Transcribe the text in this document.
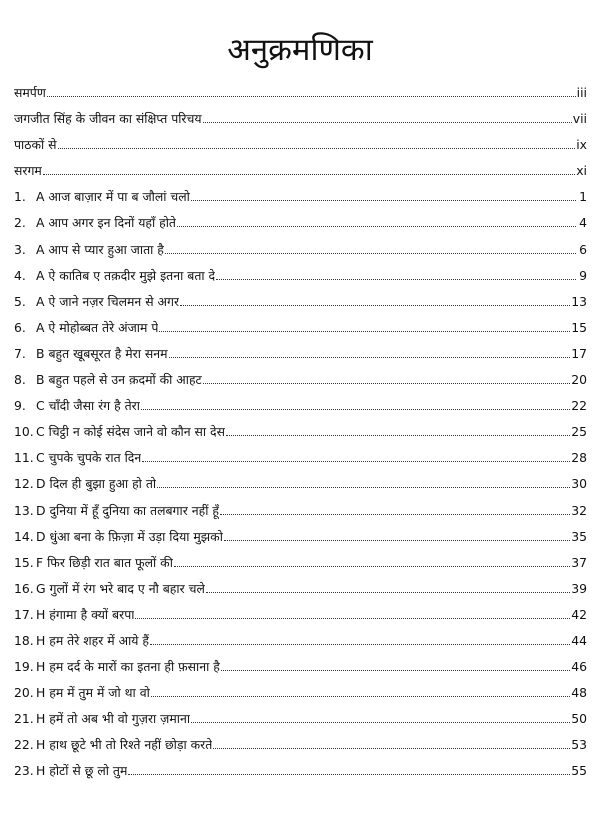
अनुक्रमणिका
समर्पण	iii
जगजीत सिंह के जीवन का संक्षिप्त परिचय	vii
पाठकों से	ix
सरगम	xi
1. A आज बाज़ार में पा ब जौलां चलो	1
2. A आप अगर इन दिनों यहाँ होते	4
3. A आप से प्यार हुआ जाता है	6
4. A ऐ कातिब ए तक़दीर मुझे इतना बता दे	9
5. A ऐ जाने नज़र चिलमन से अगर	13
6. A ऐ मोहोब्बत तेरे अंजाम पे	15
7. B बहुत खूबसूरत है मेरा सनम	17
8. B बहुत पहले से उन क़दमों की आहट	20
9. C चाँदी जैसा रंग है तेरा	22
10. C चिट्ठी न कोई संदेस जाने वो कौन सा देस	25
11. C चुपके चुपके रात दिन	28
12. D दिल ही बुझा हुआ हो तो	30
13. D दुनिया में हूँ दुनिया का तलबगार नहीं हूँ	32
14. D धुंआ बना के फ़िज़ा में उड़ा दिया मुझको	35
15. F फिर छिड़ी रात बात फूलों की	37
16. G गुलों में रंग भरे बाद ए नौ बहार चले	39
17. H हंगामा है क्यों बरपा	42
18. H हम तेरे शहर में आये हैं	44
19. H हम दर्द के मारों का इतना ही फ़साना है	46
20. H हम में तुम में जो था वो	48
21. H हमें तो अब भी वो गुज़रा ज़माना	50
22. H हाथ छूटे भी तो रिश्ते नहीं छोड़ा करते	53
23. H होटों से छू लो तुम	55
